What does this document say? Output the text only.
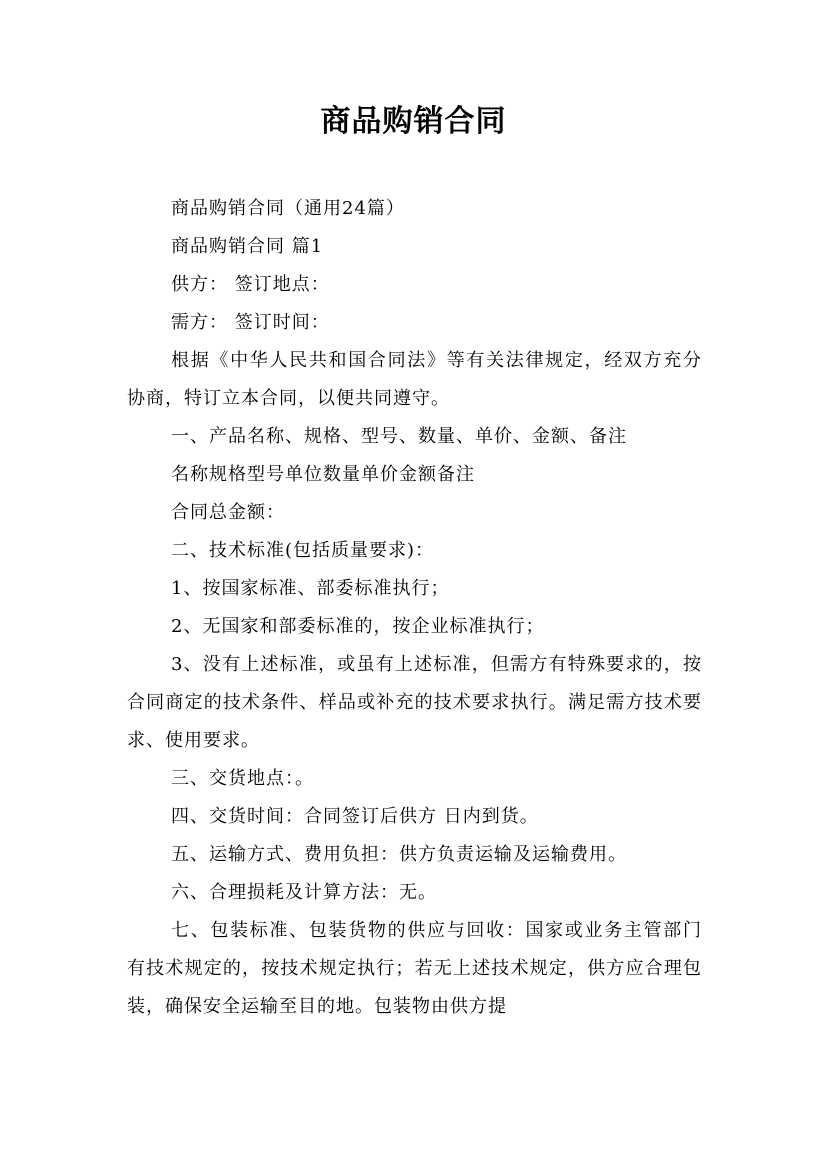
商品购销合同

商品购销合同（通用24篇）

商品购销合同 篇1

供方： 签订地点：

需方： 签订时间：

根据《中华人民共和国合同法》等有关法律规定，经双方充分协商，特订立本合同，以便共同遵守。

一、产品名称、规格、型号、数量、单价、金额、备注

名称规格型号单位数量单价金额备注

合同总金额：

二、技术标准(包括质量要求)：

1、按国家标准、部委标准执行；

2、无国家和部委标准的，按企业标准执行；

3、没有上述标准，或虽有上述标准，但需方有特殊要求的，按合同商定的技术条件、样品或补充的技术要求执行。满足需方技术要求、使用要求。

三、交货地点：。

四、交货时间：合同签订后供方 日内到货。

五、运输方式、费用负担：供方负责运输及运输费用。

六、合理损耗及计算方法：无。

七、包装标准、包装货物的供应与回收：国家或业务主管部门有技术规定的，按技术规定执行；若无上述技术规定，供方应合理包装，确保安全运输至目的地。包装物由供方提
